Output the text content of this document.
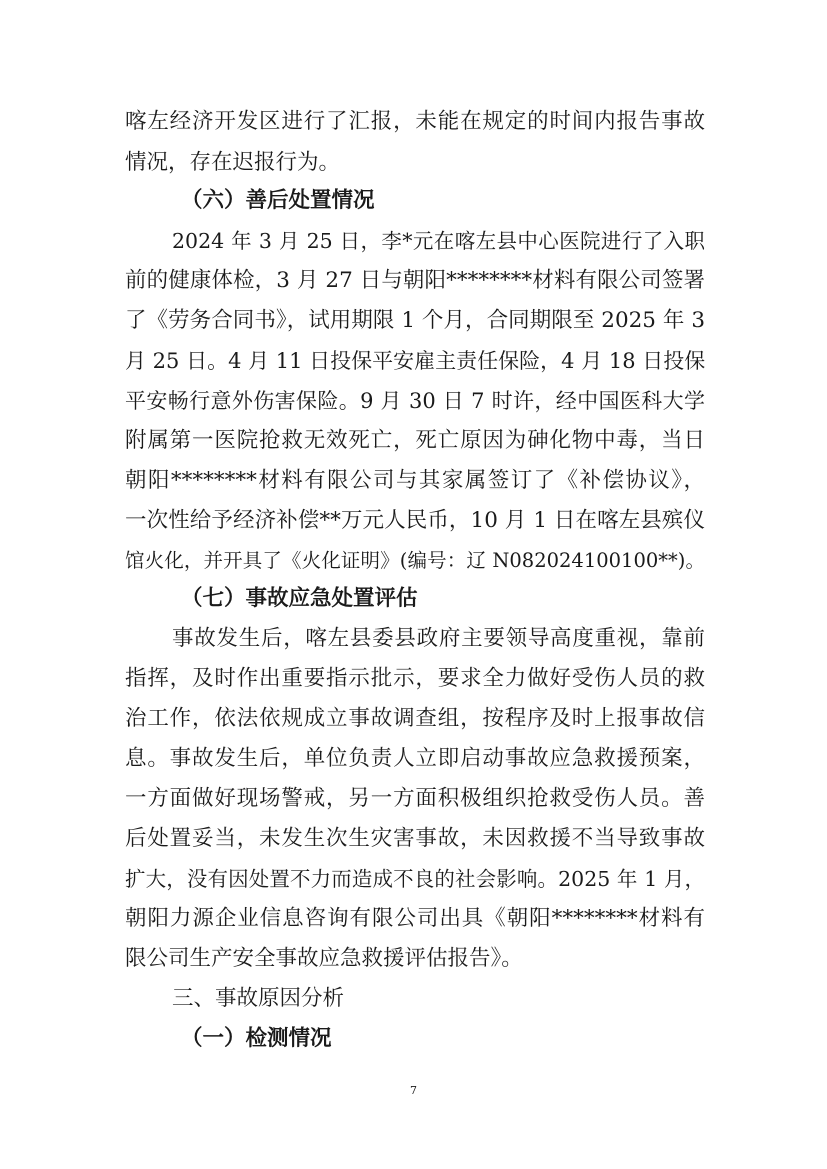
喀左经济开发区进行了汇报，未能在规定的时间内报告事故
情况，存在迟报行为。
（六）善后处置情况
2024 年 3 月 25 日，李*元在喀左县中心医院进行了入职
前的健康体检，3 月 27 日与朝阳********材料有限公司签署
了《劳务合同书》，试用期限 1 个月，合同期限至 2025 年 3
月 25 日。4 月 11 日投保平安雇主责任保险，4 月 18 日投保
平安畅行意外伤害保险。9 月 30 日 7 时许，经中国医科大学
附属第一医院抢救无效死亡，死亡原因为砷化物中毒，当日
朝阳********材料有限公司与其家属签订了《补偿协议》，
一次性给予经济补偿**万元人民币，10 月 1 日在喀左县殡仪
馆火化，并开具了《火化证明》(编号：辽 N082024100100**)。
（七）事故应急处置评估
事故发生后，喀左县委县政府主要领导高度重视，靠前
指挥，及时作出重要指示批示，要求全力做好受伤人员的救
治工作，依法依规成立事故调查组，按程序及时上报事故信
息。事故发生后，单位负责人立即启动事故应急救援预案，
一方面做好现场警戒，另一方面积极组织抢救受伤人员。善
后处置妥当，未发生次生灾害事故，未因救援不当导致事故
扩大，没有因处置不力而造成不良的社会影响。2025 年 1 月，
朝阳力源企业信息咨询有限公司出具《朝阳********材料有
限公司生产安全事故应急救援评估报告》。
三、事故原因分析
（一）检测情况
7
